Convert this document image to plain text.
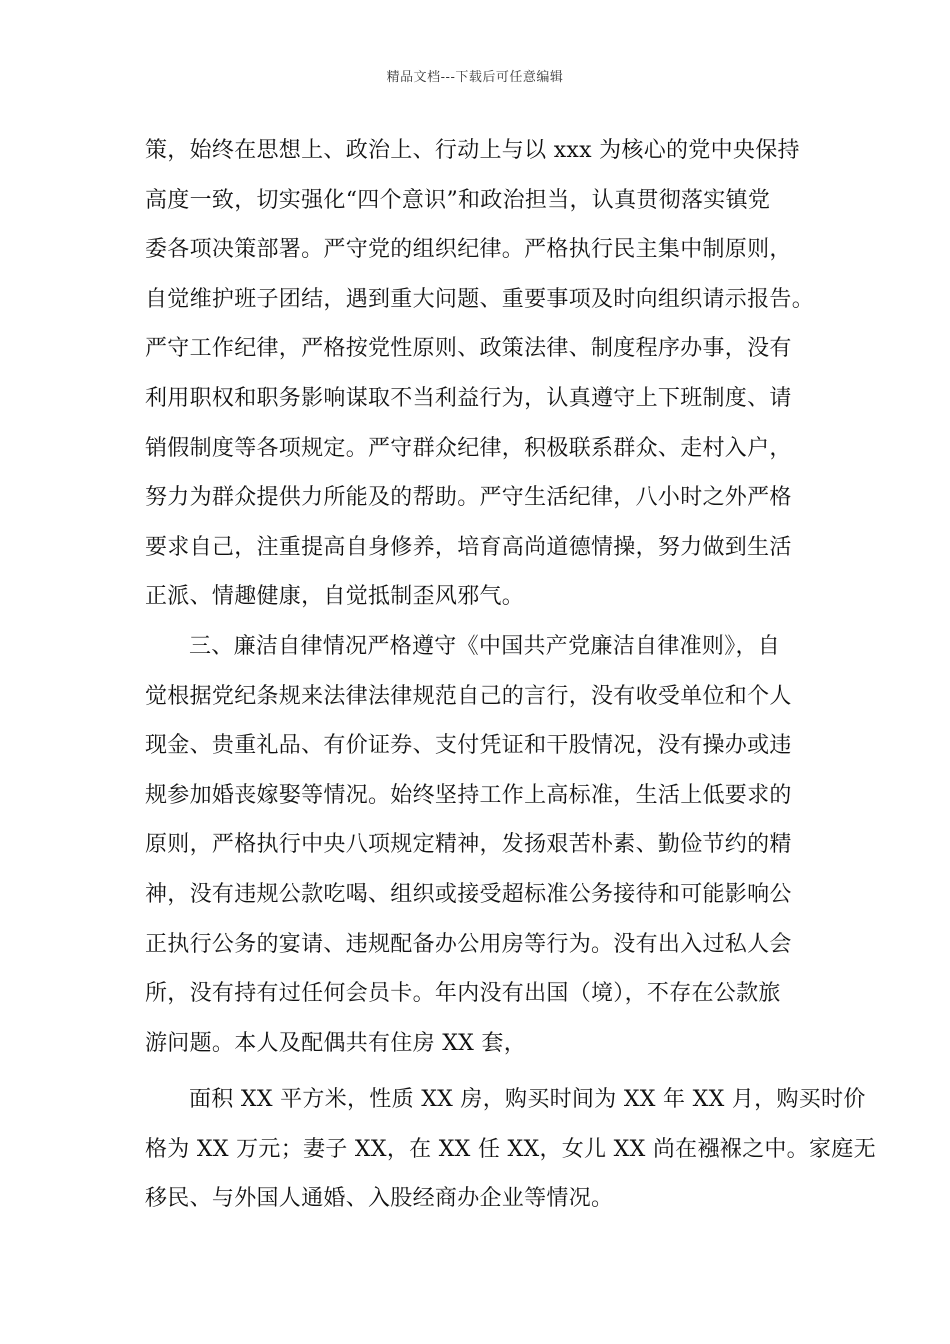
精品文档---下载后可任意编辑
策，始终在思想上、政治上、行动上与以 xxx 为核心的党中央保持
高度一致，切实强化“四个意识”和政治担当，认真贯彻落实镇党
委各项决策部署。严守党的组织纪律。严格执行民主集中制原则，
自觉维护班子团结，遇到重大问题、重要事项及时向组织请示报告。
严守工作纪律，严格按党性原则、政策法律、制度程序办事，没有
利用职权和职务影响谋取不当利益行为，认真遵守上下班制度、请
销假制度等各项规定。严守群众纪律，积极联系群众、走村入户，
努力为群众提供力所能及的帮助。严守生活纪律，八小时之外严格
要求自己，注重提高自身修养，培育高尚道德情操，努力做到生活
正派、情趣健康，自觉抵制歪风邪气。
三、廉洁自律情况严格遵守《中国共产党廉洁自律准则》，自
觉根据党纪条规来法律法律规范自己的言行，没有收受单位和个人
现金、贵重礼品、有价证券、支付凭证和干股情况，没有操办或违
规参加婚丧嫁娶等情况。始终坚持工作上高标准，生活上低要求的
原则，严格执行中央八项规定精神，发扬艰苦朴素、勤俭节约的精
神，没有违规公款吃喝、组织或接受超标准公务接待和可能影响公
正执行公务的宴请、违规配备办公用房等行为。没有出入过私人会
所，没有持有过任何会员卡。年内没有出国（境），不存在公款旅
游问题。本人及配偶共有住房 XX 套，
面积 XX 平方米，性质 XX 房，购买时间为 XX 年 XX 月，购买时价
格为 XX 万元；妻子 XX，在 XX 任 XX，女儿 XX 尚在襁褓之中。家庭无
移民、与外国人通婚、入股经商办企业等情况。
